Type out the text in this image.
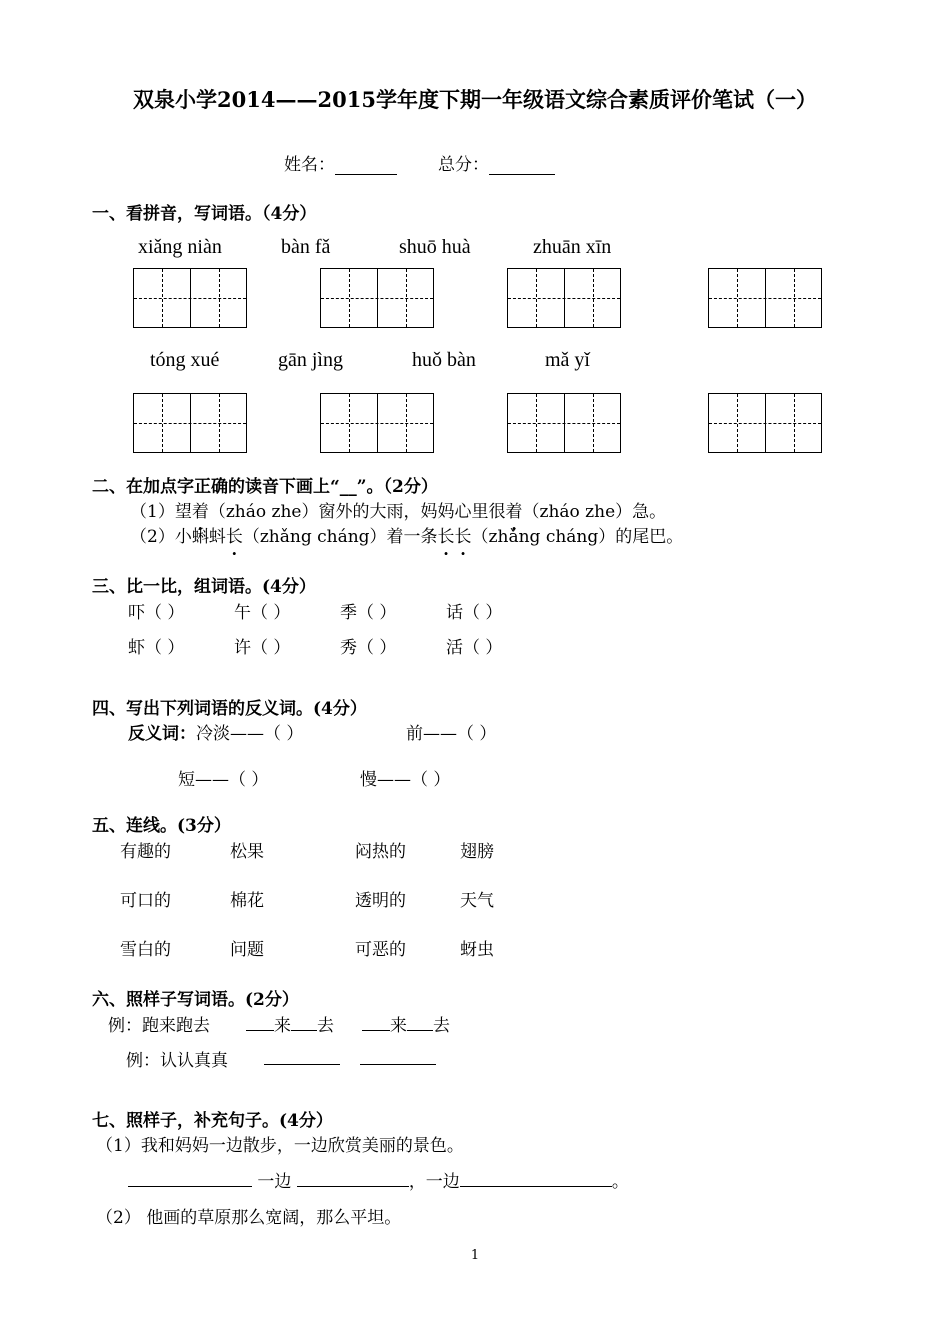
双泉小学2014——2015学年度下期一年级语文综合素质评价笔试（一）
姓名：	总分：
一、看拼音，写词语。（4分）
xiǎng niàn	bàn fǎ	shuō huà	zhuān xīn
tóng xué	gān jìng	huǒ bàn	mǎ yǐ
二、在加点字正确的读音下画上“__”。（2分）
（1）望着（zháo zhe）窗外的大雨，妈妈心里很着（zháo zhe）急。
（2）小蝌蚪长（zhǎng cháng）着一条长长（zhǎng cháng）的尾巴。
三、比一比，组词语。(4分）
吓（ ）	午（ ）	季（ ）	话（ ）
虾（ ）	许（ ）	秀（ ）	活（ ）
四、写出下列词语的反义词。(4分）
反义词：冷淡——（ ）	前——（ ）
短——（ ）	慢——（ ）
五、连线。(3分）
有趣的	松果	闷热的	翅膀
可口的	棉花	透明的	天气
雪白的	问题	可恶的	蚜虫
六、照样子写词语。(2分）
例：跑来跑去	来 去	来 去
例：认认真真
七、照样子，补充句子。(4分）
（1）我和妈妈一边散步，一边欣赏美丽的景色。
一边	，一边	。
（2） 他画的草原那么宽阔，那么平坦。
1
